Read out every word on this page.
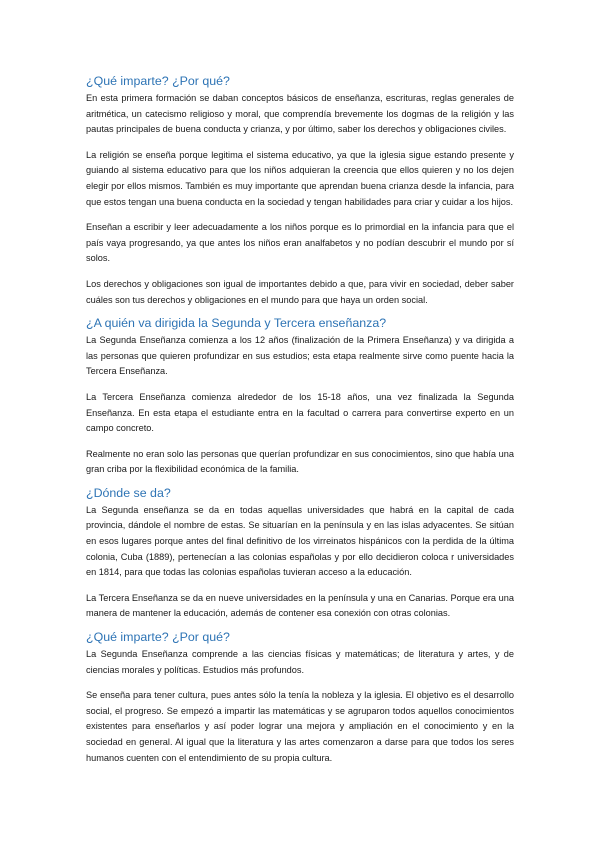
¿Qué imparte? ¿Por qué?

En esta primera formación se daban conceptos básicos de enseñanza, escrituras, reglas generales de aritmética, un catecismo religioso y moral, que comprendía brevemente los dogmas de la religión y las pautas principales de buena conducta y crianza, y por último, saber los derechos y obligaciones civiles.

La religión se enseña porque legitima el sistema educativo, ya que la iglesia sigue estando presente y guiando al sistema educativo para que los niños adquieran la creencia que ellos quieren y no los dejen elegir por ellos mismos. También es muy importante que aprendan buena crianza desde la infancia, para que estos tengan una buena conducta en la sociedad y tengan habilidades para criar y cuidar a los hijos.

Enseñan a escribir y leer adecuadamente a los niños porque es lo primordial en la infancia para que el país vaya progresando, ya que antes los niños eran analfabetos y no podían descubrir el mundo por sí solos.

Los derechos y obligaciones son igual de importantes debido a que, para vivir en sociedad, deber saber cuáles son tus derechos y obligaciones en el mundo para que haya un orden social.

¿A quién va dirigida la Segunda y Tercera enseñanza?

La Segunda Enseñanza comienza a los 12 años (finalización de la Primera Enseñanza) y va dirigida a las personas que quieren profundizar en sus estudios; esta etapa realmente sirve como puente hacia la Tercera Enseñanza.

La Tercera Enseñanza comienza alrededor de los 15-18 años, una vez finalizada la Segunda Enseñanza. En esta etapa el estudiante entra en la facultad o carrera para convertirse experto en un campo concreto.

Realmente no eran solo las personas que querían profundizar en sus conocimientos, sino que había una gran criba por la flexibilidad económica de la familia.

¿Dónde se da?

La Segunda enseñanza se da en todas aquellas universidades que habrá en la capital de cada provincia, dándole el nombre de estas. Se situarían en la península y en las islas adyacentes. Se sitúan en esos lugares porque antes del final definitivo de los virreinatos hispánicos con la perdida de la última colonia, Cuba (1889), pertenecían a las colonias españolas y por ello decidieron coloca r universidades en 1814, para que todas las colonias españolas tuvieran acceso a la educación.

La Tercera Enseñanza se da en nueve universidades en la península y una en Canarias. Porque era una manera de mantener la educación, además de contener esa conexión con otras colonias.

¿Qué imparte? ¿Por qué?

La Segunda Enseñanza comprende a las ciencias físicas y matemáticas; de literatura y artes, y de ciencias morales y políticas. Estudios más profundos.

Se enseña para tener cultura, pues antes sólo la tenía la nobleza y la iglesia. El objetivo es el desarrollo social, el progreso. Se empezó a impartir las matemáticas y se agruparon todos aquellos conocimientos existentes para enseñarlos y así poder lograr una mejora y ampliación en el conocimiento y en la sociedad en general. Al igual que la literatura y las artes comenzaron a darse para que todos los seres humanos cuenten con el entendimiento de su propia cultura.
